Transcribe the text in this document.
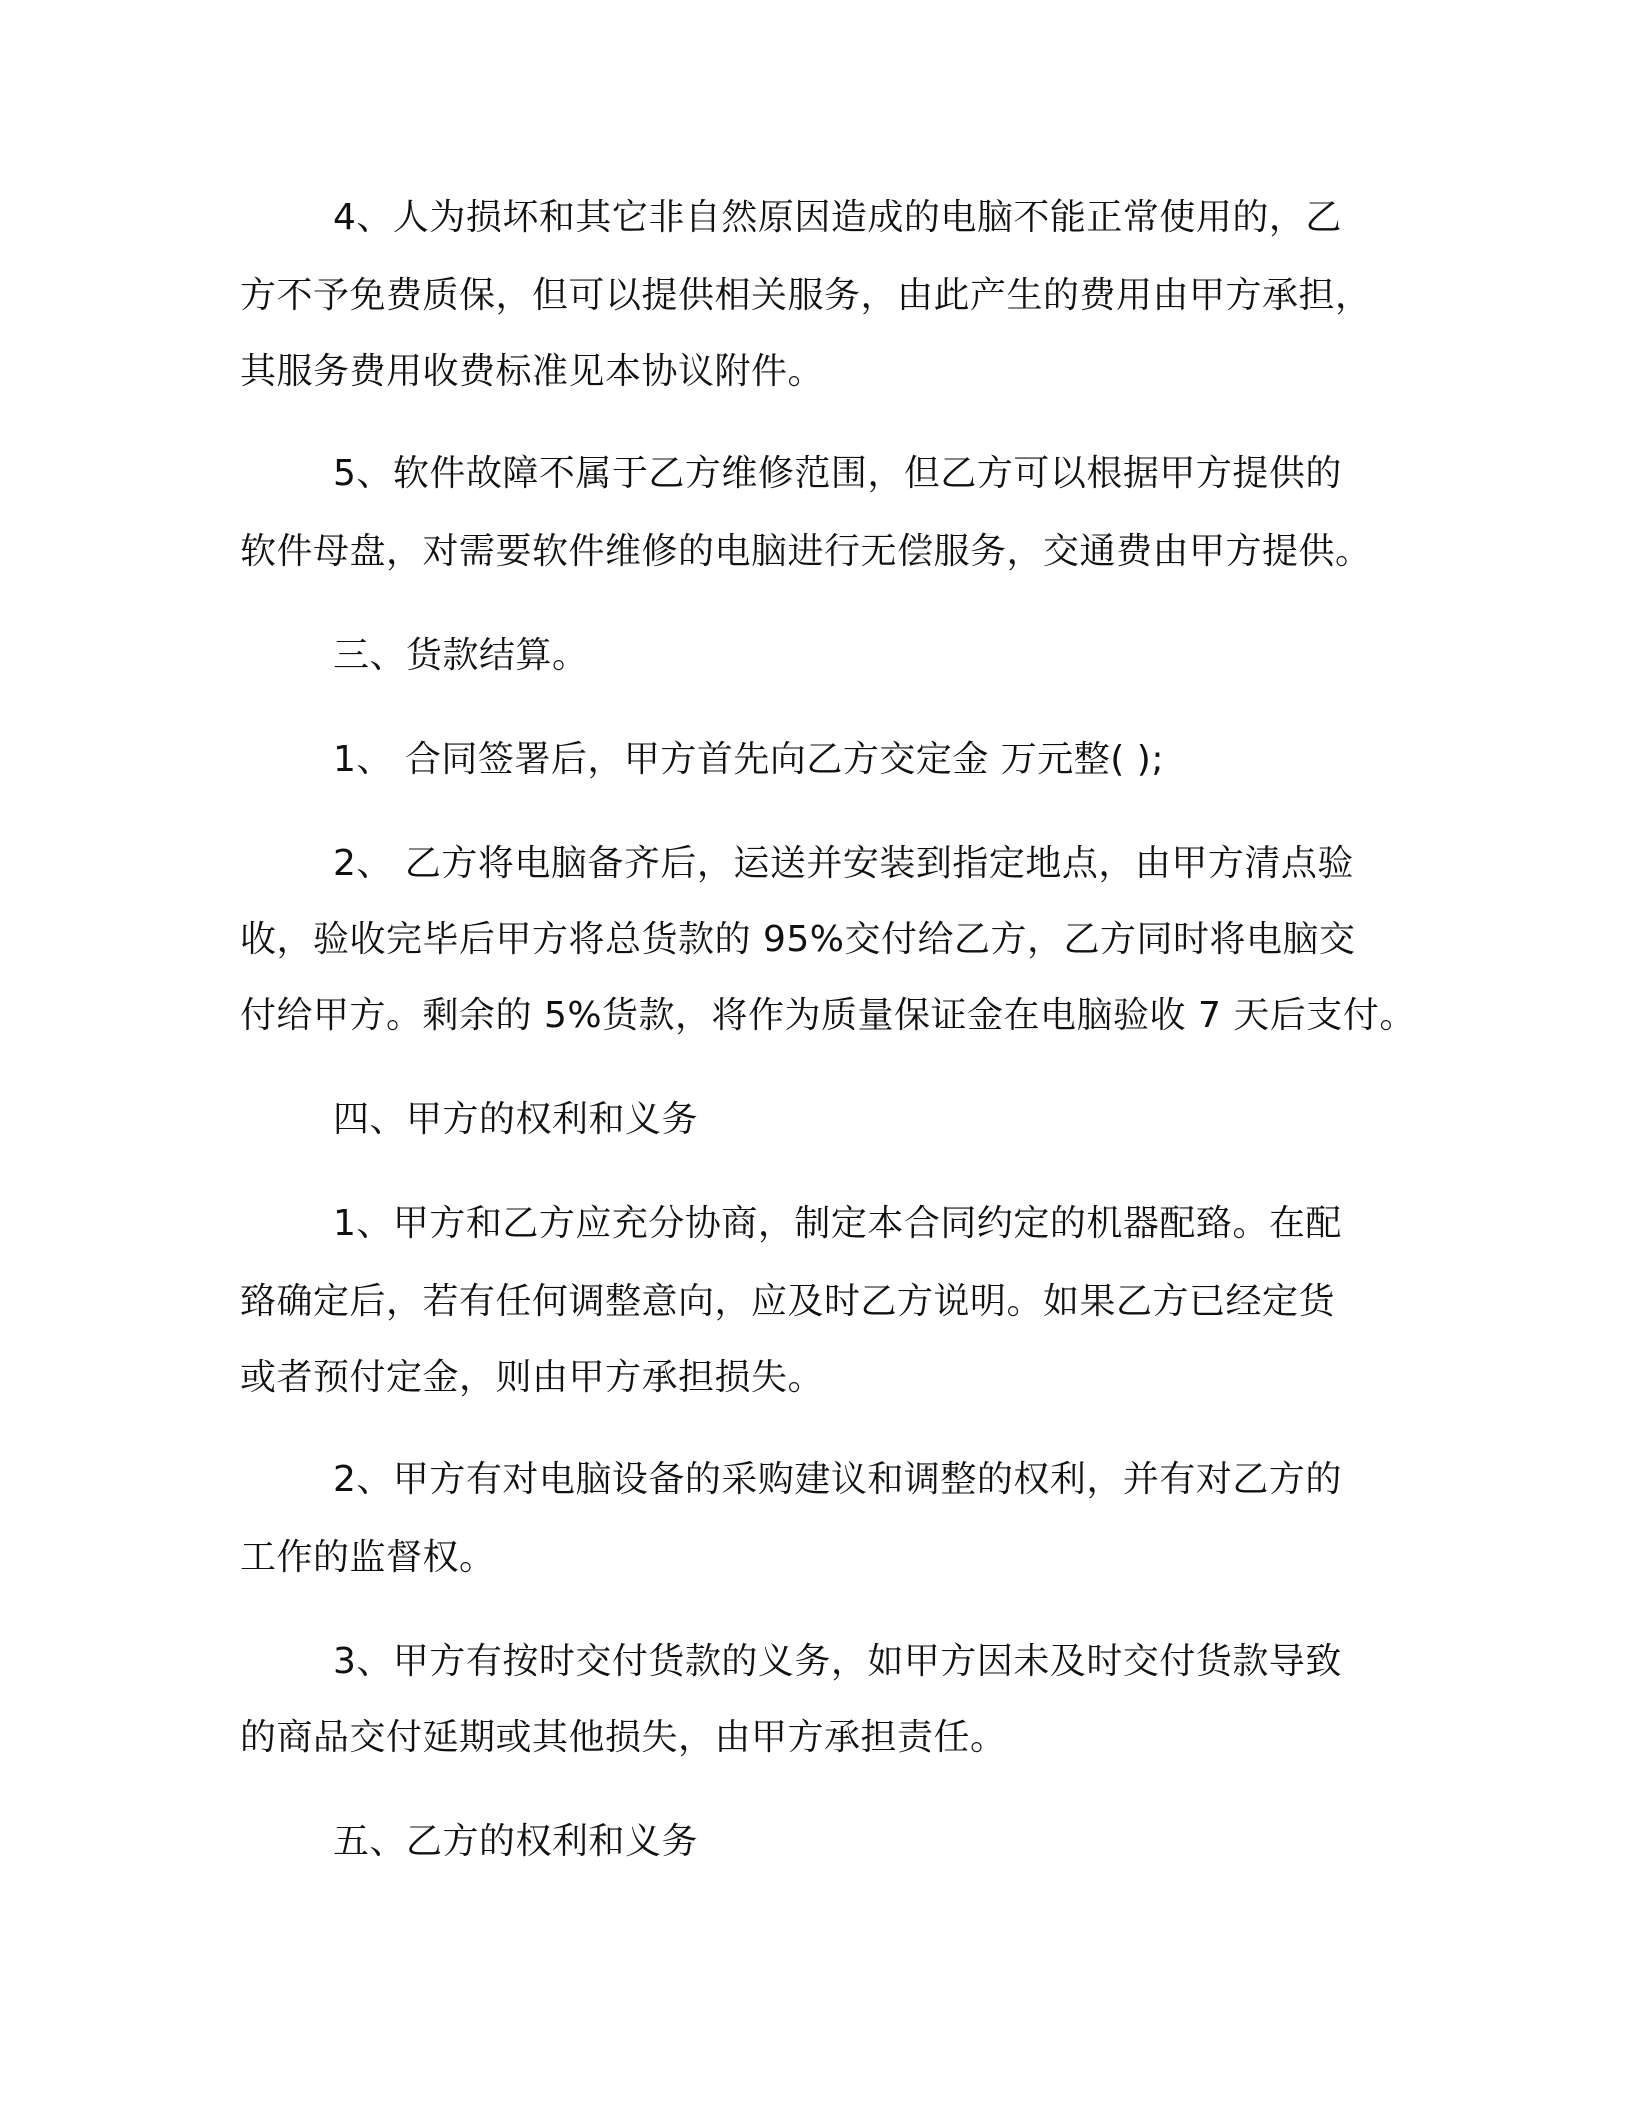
4、人为损坏和其它非自然原因造成的电脑不能正常使用的，乙

方不予免费质保，但可以提供相关服务，由此产生的费用由甲方承担，

其服务费用收费标准见本协议附件。

5、软件故障不属于乙方维修范围，但乙方可以根据甲方提供的

软件母盘，对需要软件维修的电脑进行无偿服务，交通费由甲方提供。

三、货款结算。

1、 合同签署后，甲方首先向乙方交定金 万元整( );

2、 乙方将电脑备齐后，运送并安装到指定地点，由甲方清点验

收，验收完毕后甲方将总货款的 95%交付给乙方，乙方同时将电脑交

付给甲方。剩余的 5%货款，将作为质量保证金在电脑验收 7 天后支付。

四、甲方的权利和义务

1、甲方和乙方应充分协商，制定本合同约定的机器配臵。在配

臵确定后，若有任何调整意向，应及时乙方说明。如果乙方已经定货

或者预付定金，则由甲方承担损失。

2、甲方有对电脑设备的采购建议和调整的权利，并有对乙方的

工作的监督权。

3、甲方有按时交付货款的义务，如甲方因未及时交付货款导致

的商品交付延期或其他损失，由甲方承担责任。

五、乙方的权利和义务
